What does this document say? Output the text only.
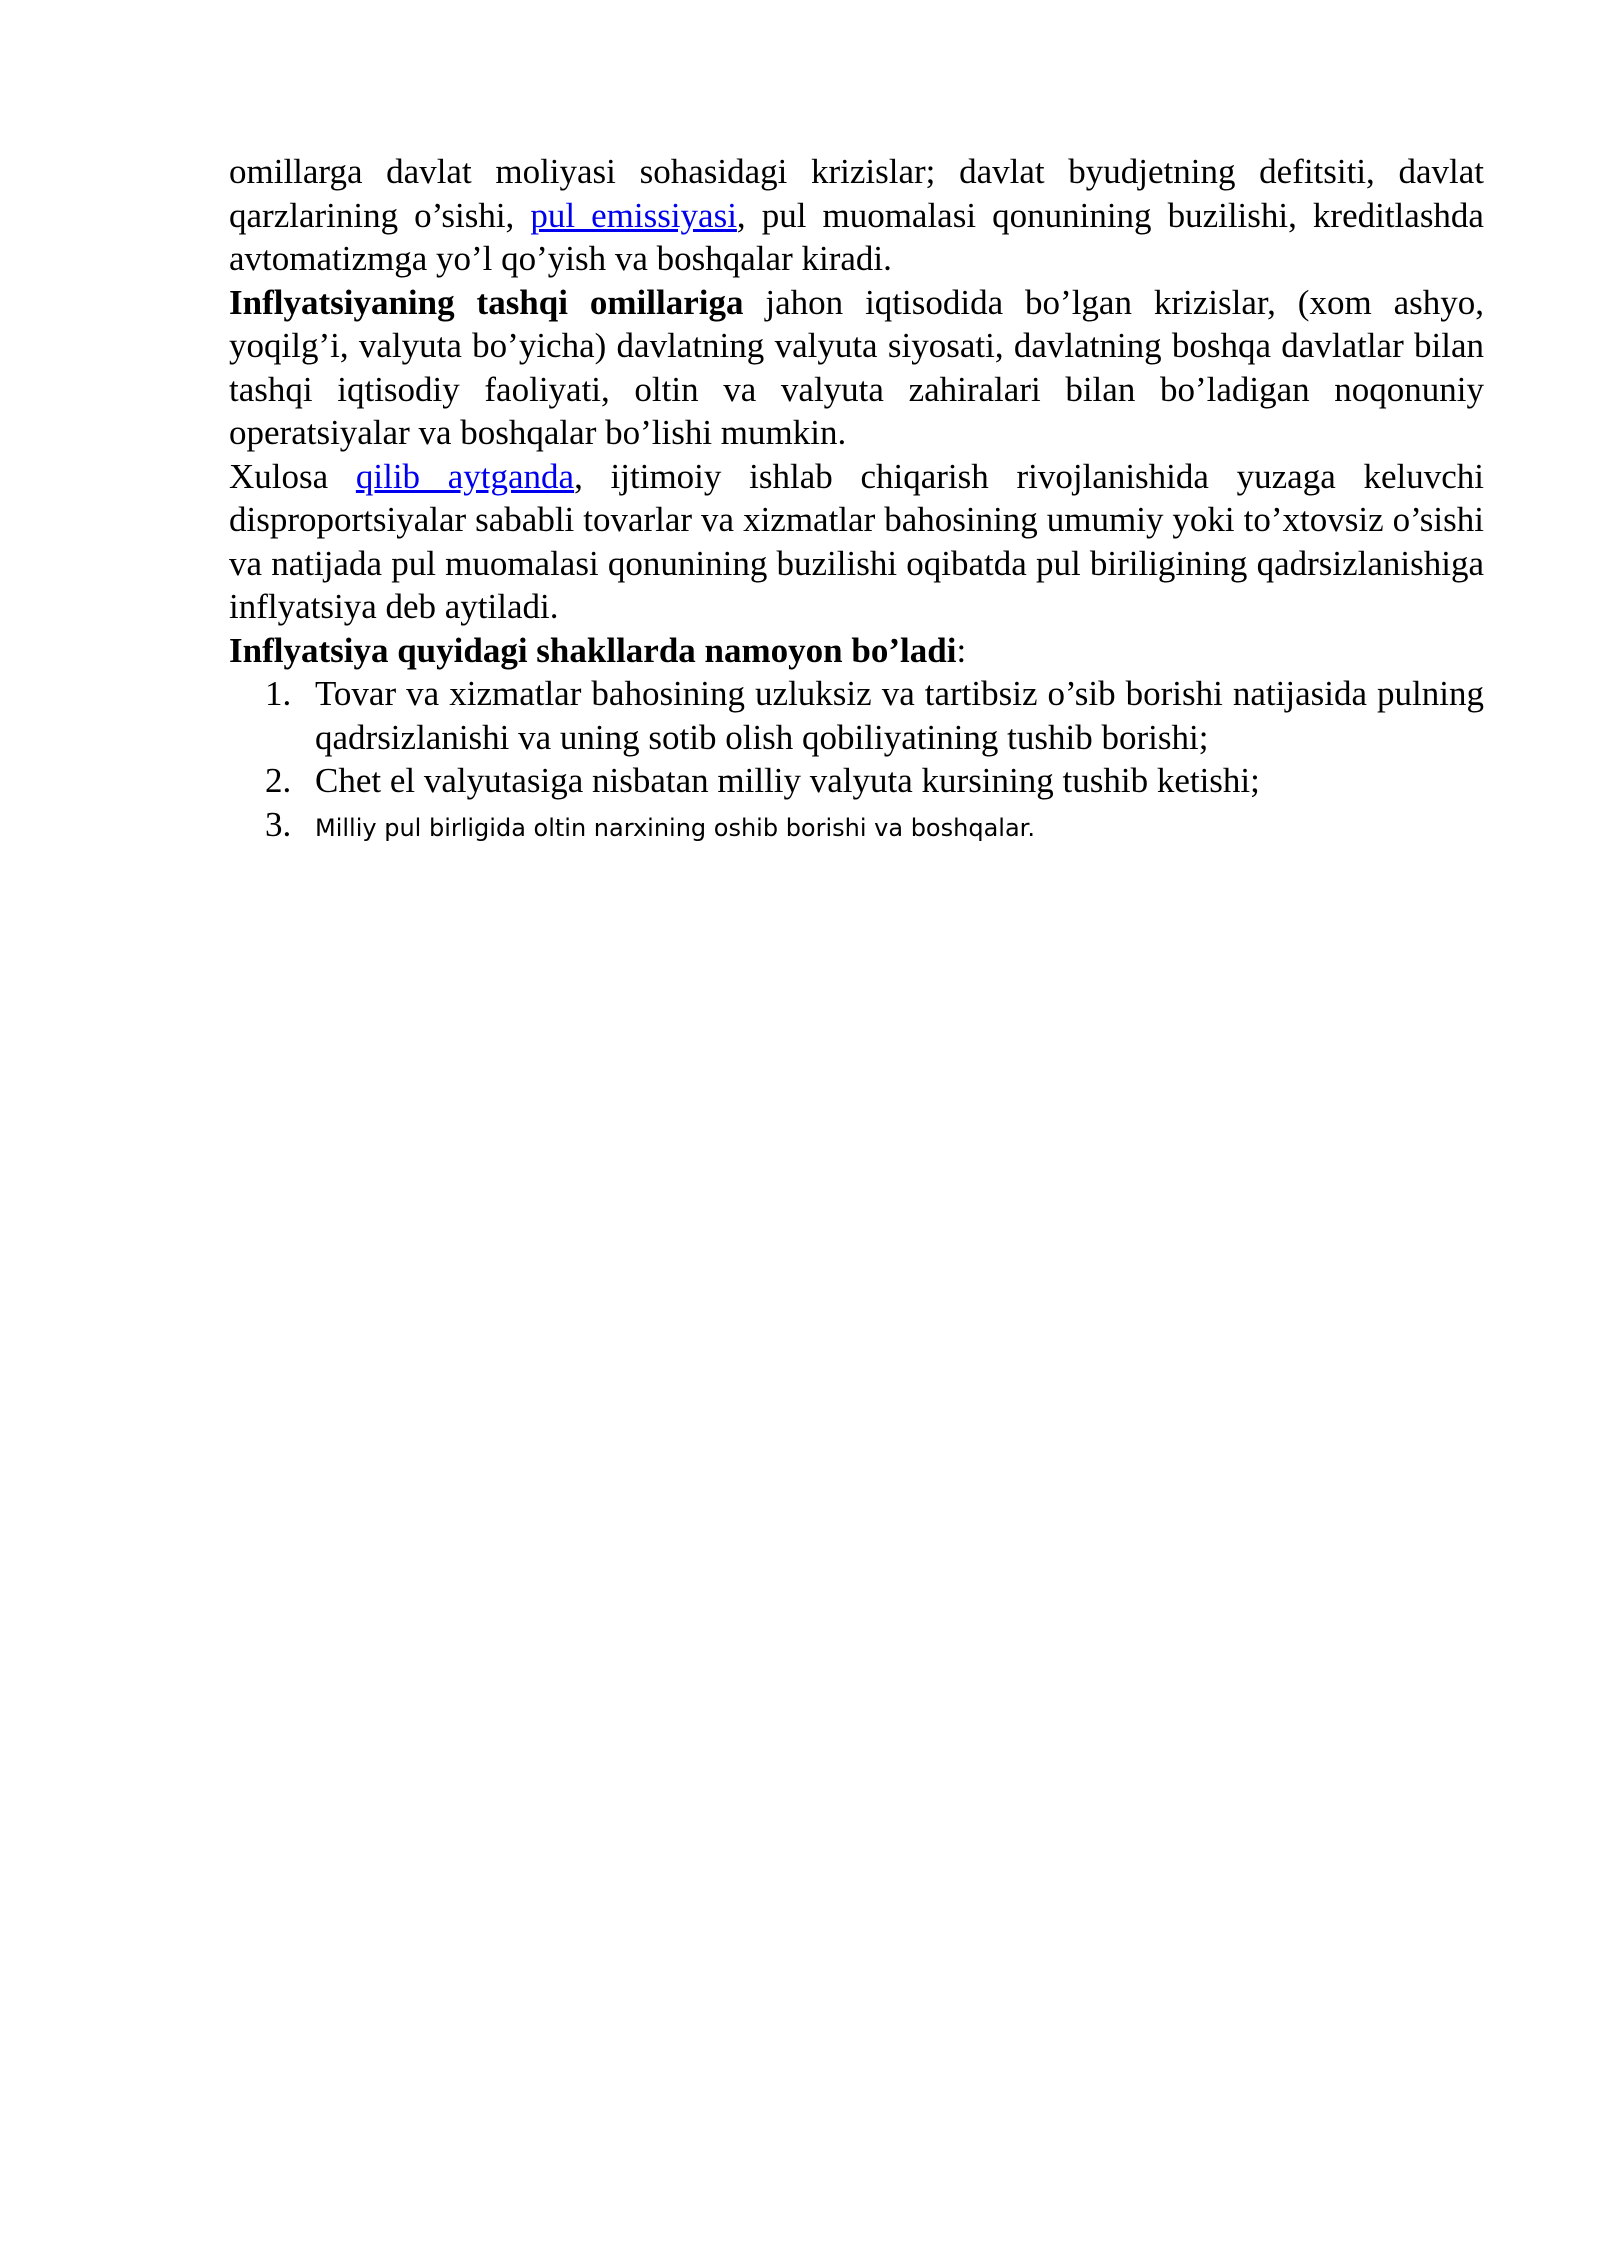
omillarga davlat moliyasi sohasidagi krizislar; davlat byudjetning defitsiti, davlat qarzlarining o’sishi, pul emissiyasi, pul muomalasi qonunining buzilishi, kreditlashda avtomatizmga yo’l qo’yish va boshqalar kiradi.

Inflyatsiyaning tashqi omillariga jahon iqtisodida bo’lgan krizislar, (xom ashyo, yoqilg’i, valyuta bo’yicha) davlatning valyuta siyosati, davlatning boshqa davlatlar bilan tashqi iqtisodiy faoliyati, oltin va valyuta zahiralari bilan bo’ladigan noqonuniy operatsiyalar va boshqalar bo’lishi mumkin.

Xulosa qilib aytganda, ijtimoiy ishlab chiqarish rivojlanishida yuzaga keluvchi disproportsiyalar sababli tovarlar va xizmatlar bahosining umumiy yoki to’xtovsiz o’sishi va natijada pul muomalasi qonunining buzilishi oqibatda pul biriligining qadrsizlanishiga inflyatsiya deb aytiladi.

Inflyatsiya quyidagi shakllarda namoyon bo’ladi:

1. Tovar va xizmatlar bahosining uzluksiz va tartibsiz o’sib borishi natijasida pulning qadrsizlanishi va uning sotib olish qobiliyatining tushib borishi;
2. Chet el valyutasiga nisbatan milliy valyuta kursining tushib ketishi;
3. Milliy pul birligida oltin narxining oshib borishi va boshqalar.
